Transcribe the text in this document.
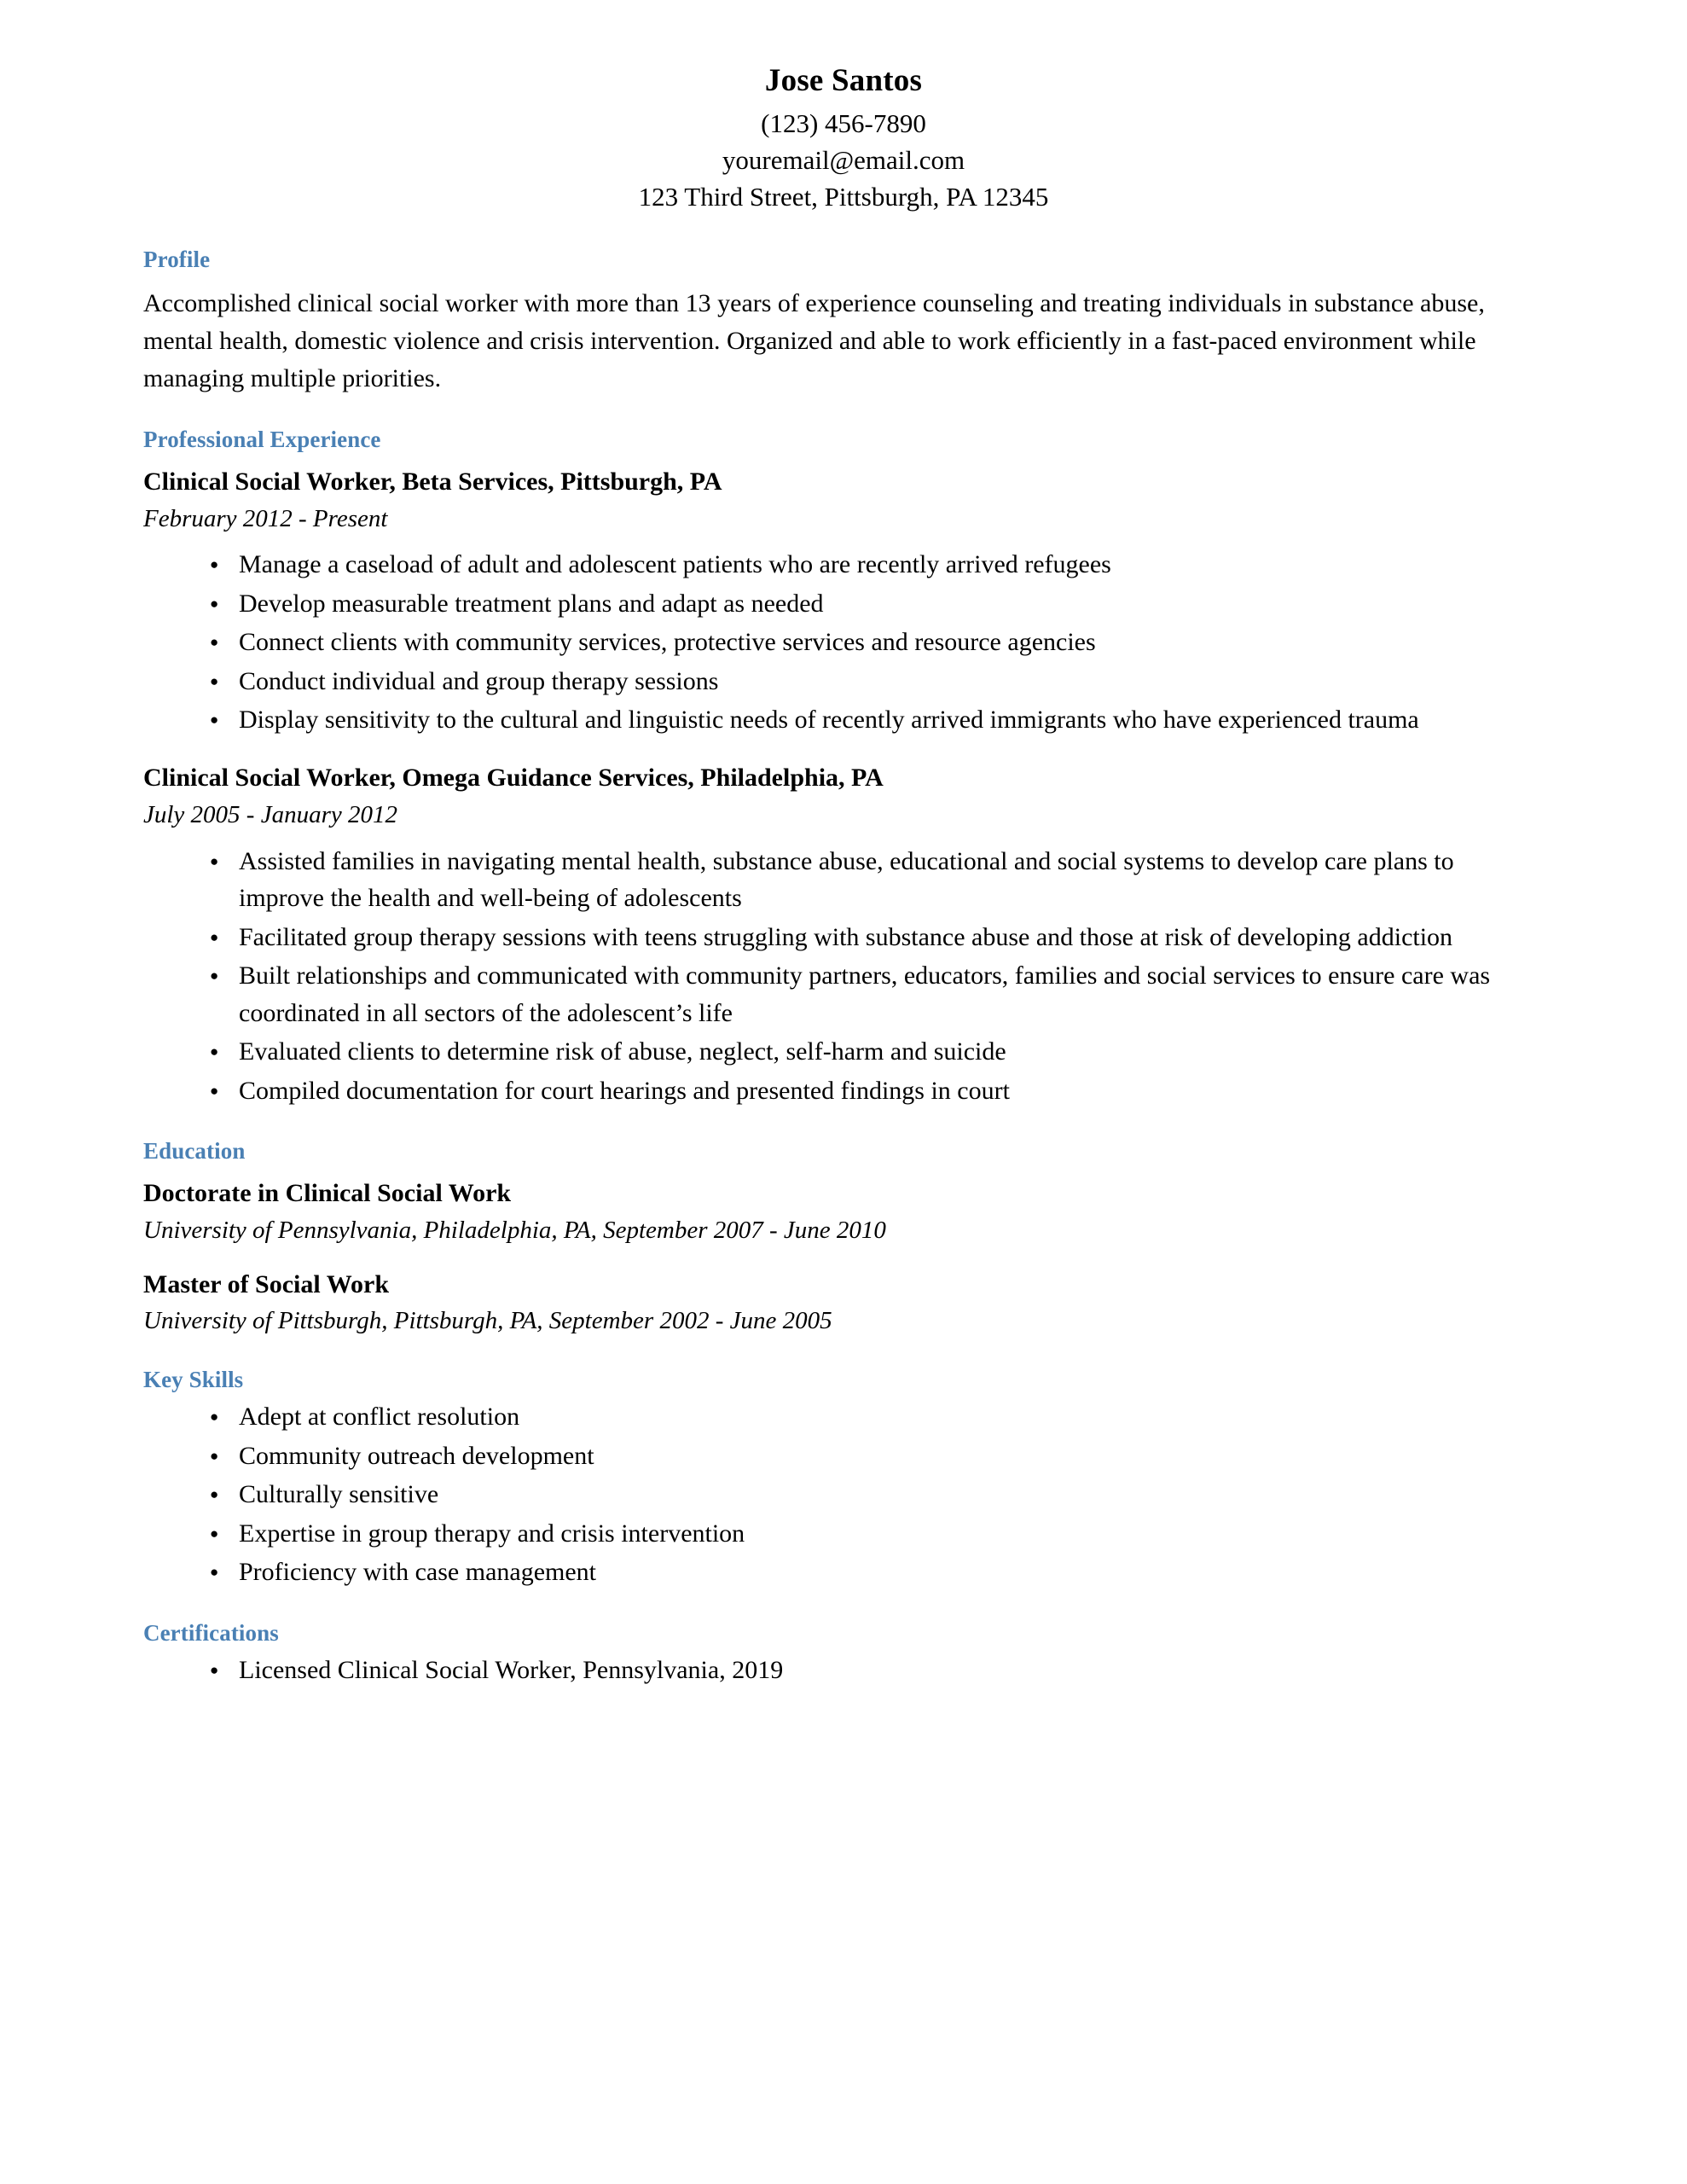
Jose Santos
(123) 456-7890
youremail@email.com
123 Third Street, Pittsburgh, PA 12345
Profile

Accomplished clinical social worker with more than 13 years of experience counseling and treating individuals in substance abuse, mental health, domestic violence and crisis intervention. Organized and able to work efficiently in a fast-paced environment while managing multiple priorities.

Professional Experience
Clinical Social Worker, Beta Services, Pittsburgh, PA
February 2012 - Present
● Manage a caseload of adult and adolescent patients who are recently arrived refugees
● Develop measurable treatment plans and adapt as needed
● Connect clients with community services, protective services and resource agencies
● Conduct individual and group therapy sessions
● Display sensitivity to the cultural and linguistic needs of recently arrived immigrants who have experienced trauma
Clinical Social Worker, Omega Guidance Services, Philadelphia, PA
July 2005 - January 2012
● Assisted families in navigating mental health, substance abuse, educational and social systems to develop care plans to improve the health and well-being of adolescents
● Facilitated group therapy sessions with teens struggling with substance abuse and those at risk of developing addiction
● Built relationships and communicated with community partners, educators, families and social services to ensure care was coordinated in all sectors of the adolescent’s life
● Evaluated clients to determine risk of abuse, neglect, self-harm and suicide
● Compiled documentation for court hearings and presented findings in court
Education
Doctorate in Clinical Social Work
University of Pennsylvania, Philadelphia, PA, September 2007 - June 2010
Master of Social Work
University of Pittsburgh, Pittsburgh, PA, September 2002 - June 2005
Key Skills
● Adept at conflict resolution
● Community outreach development
● Culturally sensitive
● Expertise in group therapy and crisis intervention
● Proficiency with case management
Certifications
● Licensed Clinical Social Worker, Pennsylvania, 2019
